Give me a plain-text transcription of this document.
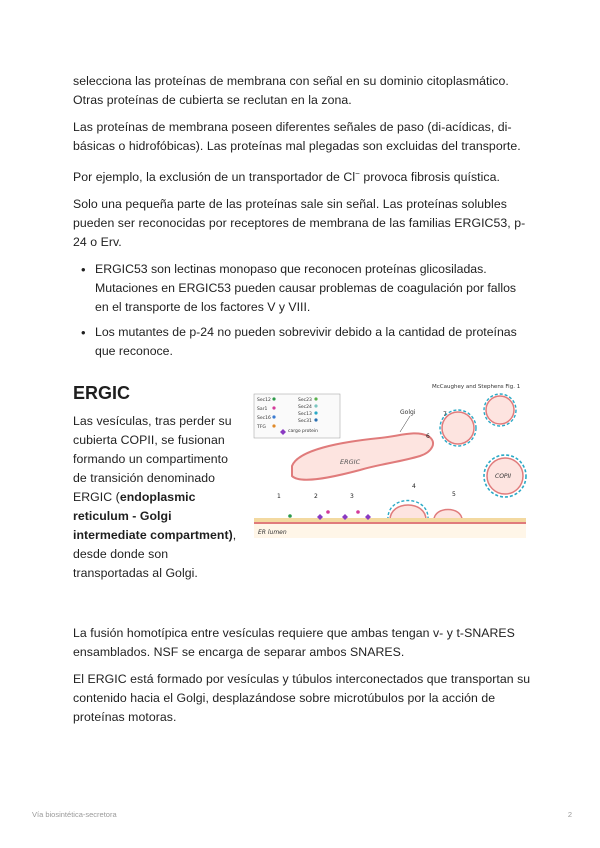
selecciona las proteínas de membrana con señal en su dominio citoplasmático. Otras proteínas de cubierta se reclutan en la zona.

Las proteínas de membrana poseen diferentes señales de paso (di-acídicas, di-básicas o hidrofóbicas). Las proteínas mal plegadas son excluidas del transporte.

Por ejemplo, la exclusión de un transportador de Cl− provoca fibrosis quística.

Solo una pequeña parte de las proteínas sale sin señal. Las proteínas solubles pueden ser reconocidas por receptores de membrana de las familias ERGIC53, p-24 o Erv.

• ERGIC53 son lectinas monopaso que reconocen proteínas glicosiladas. Mutaciones en ERGIC53 pueden causar problemas de coagulación por fallos en el transporte de los factores V y VIII.
• Los mutantes de p-24 no pueden sobrevivir debido a la cantidad de proteínas que reconoce.
ERGIC

Las vesículas, tras perder su cubierta COPII, se fusionan formando un compartimento de transición denominado ERGIC (endoplasmic reticulum - Golgi intermediate compartment), desde donde son transportadas al Golgi.

McCaughey and Stephens Fig. 1
Sec12
Sar1
Sec16
TFG
Sec23
Sec24
Sec13
Sec31
cargo protein
ERGIC
Golgi
COPII
1	2	3
4
5
6
7
ER lumen

La fusión homotípica entre vesículas requiere que ambas tengan v- y t-SNARES ensamblados. NSF se encarga de separar ambos SNARES.

El ERGIC está formado por vesículas y túbulos interconectados que transportan su contenido hacia el Golgi, desplazándose sobre microtúbulos por la acción de proteínas motoras.

Vía biosintética-secretora	2
